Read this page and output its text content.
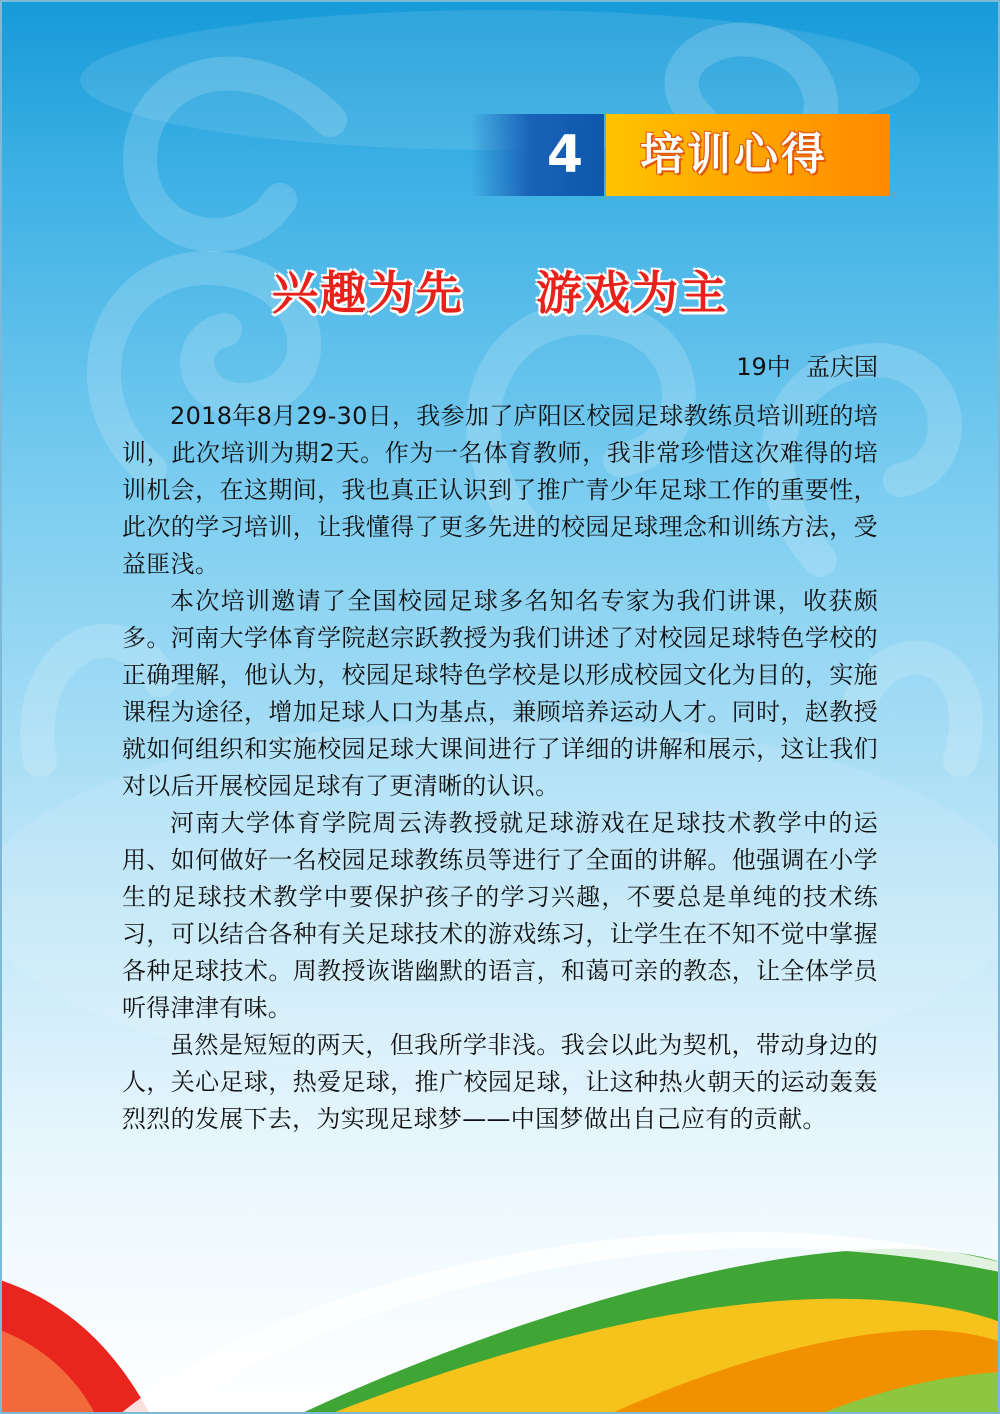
4	培训心得
兴趣为先    游戏为主
19中  孟庆国

2018年8月29-30日，我参加了庐阳区校园足球教练员培训班的培训，此次培训为期2天。作为一名体育教师，我非常珍惜这次难得的培训机会，在这期间，我也真正认识到了推广青少年足球工作的重要性，此次的学习培训，让我懂得了更多先进的校园足球理念和训练方法，受益匪浅。

本次培训邀请了全国校园足球多名知名专家为我们讲课，收获颇多。河南大学体育学院赵宗跃教授为我们讲述了对校园足球特色学校的正确理解，他认为，校园足球特色学校是以形成校园文化为目的，实施课程为途径，增加足球人口为基点，兼顾培养运动人才。同时，赵教授就如何组织和实施校园足球大课间进行了详细的讲解和展示，这让我们对以后开展校园足球有了更清晰的认识。

河南大学体育学院周云涛教授就足球游戏在足球技术教学中的运用、如何做好一名校园足球教练员等进行了全面的讲解。他强调在小学生的足球技术教学中要保护孩子的学习兴趣，不要总是单纯的技术练习，可以结合各种有关足球技术的游戏练习，让学生在不知不觉中掌握各种足球技术。周教授诙谐幽默的语言，和蔼可亲的教态，让全体学员听得津津有味。

虽然是短短的两天，但我所学非浅。我会以此为契机，带动身边的人，关心足球，热爱足球，推广校园足球，让这种热火朝天的运动轰轰烈烈的发展下去，为实现足球梦——中国梦做出自己应有的贡献。
